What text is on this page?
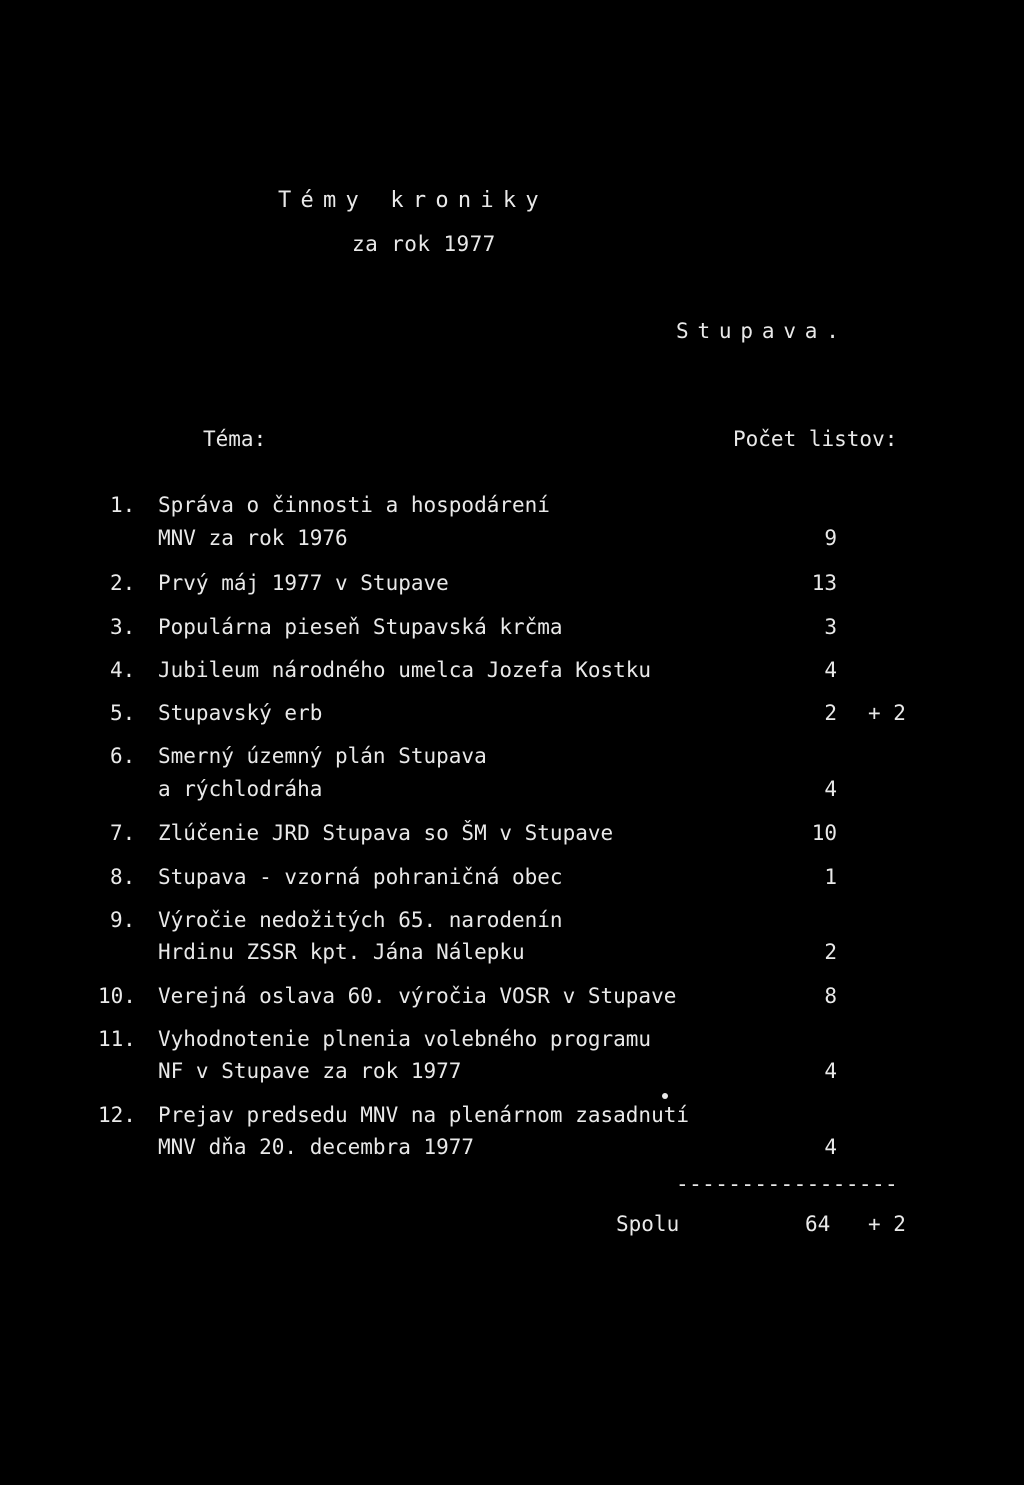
Témy kroniky
za rok 1977
Stupava.
Téma:	Počet listov:
1. Správa o činnosti a hospodárení
MNV za rok 1976	9
2. Prvý máj 1977 v Stupave	13
3. Populárna pieseň Stupavská krčma	3
4. Jubileum národného umelca Jozefa Kostku	4
5. Stupavský erb	2 + 2
6. Smerný územný plán Stupava
a rýchlodráha	4
7. Zlúčenie JRD Stupava so ŠM v Stupave	10
8. Stupava - vzorná pohraničná obec	1
9. Výročie nedožitých 65. narodenín
Hrdinu ZSSR kpt. Jána Nálepku	2
10. Verejná oslava 60. výročia VOSR v Stupave	8
11. Vyhodnotenie plnenia volebného programu
NF v Stupave za rok 1977	4
12. Prejav predsedu MNV na plenárnom zasadnutí
MNV dňa 20. decembra 1977	4
-----------------
Spolu	64 + 2
